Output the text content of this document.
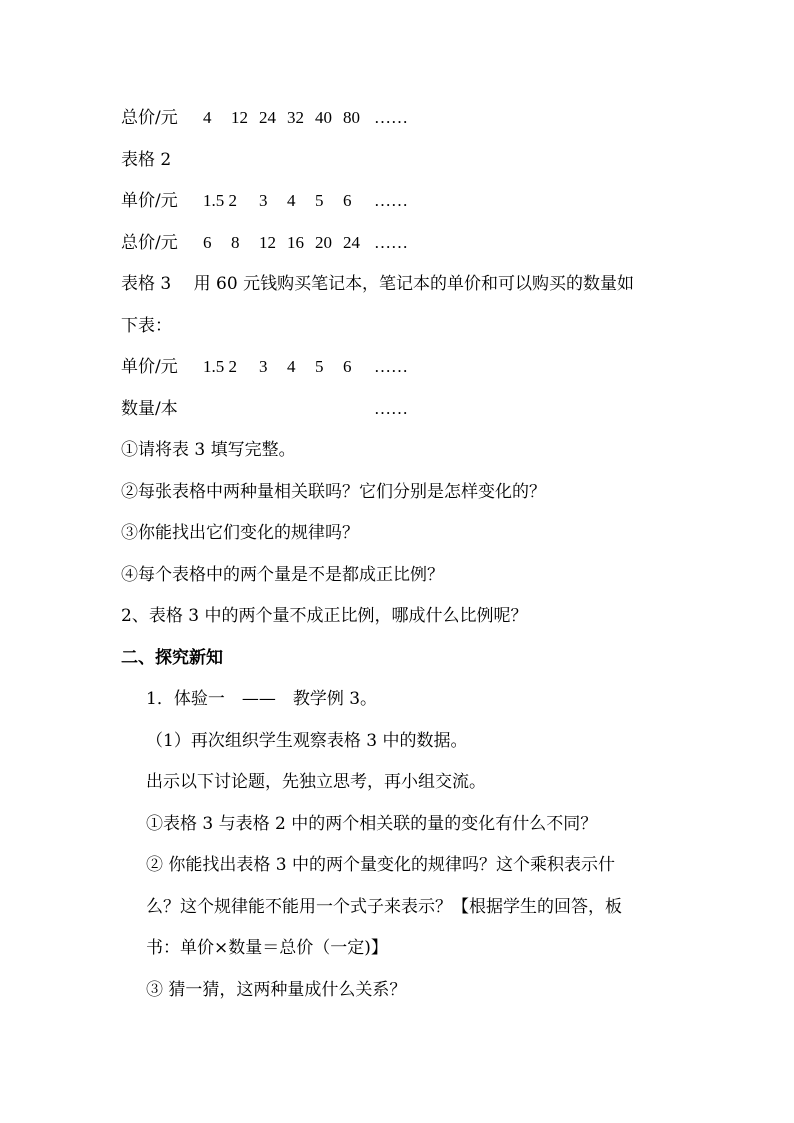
总价/元 4 12 24 32 40 80 ……
表格 2
单价/元 1.5 2 3 4 5 6 ……
总价/元 6 8 12 16 20 24 ……
表格 3　 用 60 元钱购买笔记本，笔记本的单价和可以购买的数量如
下表：
单价/元 1.5 2 3 4 5 6 ……
数量/本	……
①请将表 3 填写完整。
②每张表格中两种量相关联吗？它们分别是怎样变化的？
③你能找出它们变化的规律吗？
④每个表格中的两个量是不是都成正比例？
2、表格 3 中的两个量不成正比例，哪成什么比例呢？
二、探究新知
1．体验一　——　教学例 3。
（1）再次组织学生观察表格 3 中的数据。
出示以下讨论题，先独立思考，再小组交流。
①表格 3 与表格 2 中的两个相关联的量的变化有什么不同？
② 你能找出表格 3 中的两个量变化的规律吗？这个乘积表示什
么？这个规律能不能用一个式子来表示？【根据学生的回答，板
书：单价×数量＝总价（一定)】
③ 猜一猜，这两种量成什么关系？
